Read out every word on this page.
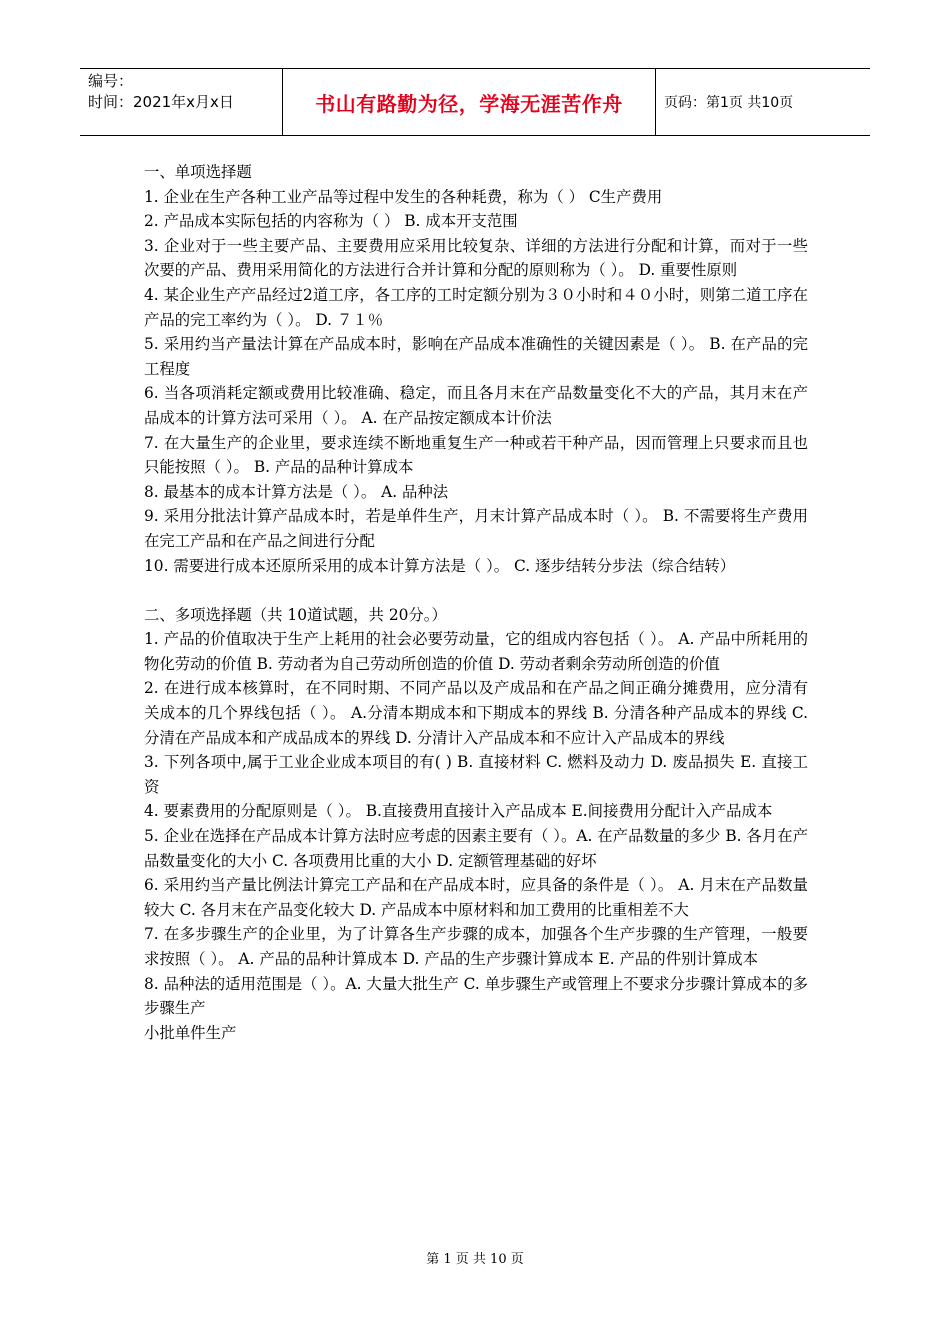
编号：
时间：2021年x月x日	书山有路勤为径，学海无涯苦作舟	页码：第1页 共10页

一、单项选择题

1. 企业在生产各种工业产品等过程中发生的各种耗费，称为（ ） C生产费用

2. 产品成本实际包括的内容称为（ ） B. 成本开支范围

3. 企业对于一些主要产品、主要费用应采用比较复杂、详细的方法进行分配和计算，而对于一些次要的产品、费用采用简化的方法进行合并计算和分配的原则称为（ ）。 D. 重要性原则

4. 某企业生产产品经过2道工序，各工序的工时定额分别为３０小时和４０小时，则第二道工序在产品的完工率约为（ ）。 D. ７１％

5. 采用约当产量法计算在产品成本时，影响在产品成本准确性的关键因素是（ ）。 B. 在产品的完工程度

6. 当各项消耗定额或费用比较准确、稳定，而且各月末在产品数量变化不大的产品，其月末在产品成本的计算方法可采用（ ）。 A. 在产品按定额成本计价法

7. 在大量生产的企业里，要求连续不断地重复生产一种或若干种产品，因而管理上只要求而且也只能按照（ ）。 B. 产品的品种计算成本

8. 最基本的成本计算方法是（ ）。 A. 品种法

9. 采用分批法计算产品成本时，若是单件生产，月末计算产品成本时（ ）。 B. 不需要将生产费用在完工产品和在产品之间进行分配

10. 需要进行成本还原所采用的成本计算方法是（ ）。 C. 逐步结转分步法（综合结转）

二、多项选择题（共 10道试题，共 20分。）

1. 产品的价值取决于生产上耗用的社会必要劳动量，它的组成内容包括（ ）。 A. 产品中所耗用的物化劳动的价值 B. 劳动者为自己劳动所创造的价值 D. 劳动者剩余劳动所创造的价值

2. 在进行成本核算时，在不同时期、不同产品以及产成品和在产品之间正确分摊费用，应分清有关成本的几个界线包括（ ）。 A.分清本期成本和下期成本的界线 B. 分清各种产品成本的界线 C. 分清在产品成本和产成品成本的界线 D. 分清计入产品成本和不应计入产品成本的界线

3. 下列各项中,属于工业企业成本项目的有( ) B. 直接材料 C. 燃料及动力 D. 废品损失 E. 直接工资

4. 要素费用的分配原则是（ ）。 B.直接费用直接计入产品成本 E.间接费用分配计入产品成本

5. 企业在选择在产品成本计算方法时应考虑的因素主要有（ ）。A. 在产品数量的多少 B. 各月在产品数量变化的大小 C. 各项费用比重的大小 D. 定额管理基础的好坏

6. 采用约当产量比例法计算完工产品和在产品成本时，应具备的条件是（ ）。 A. 月末在产品数量较大 C. 各月末在产品变化较大 D. 产品成本中原材料和加工费用的比重相差不大

7. 在多步骤生产的企业里，为了计算各生产步骤的成本，加强各个生产步骤的生产管理，一般要求按照（ ）。 A. 产品的品种计算成本 D. 产品的生产步骤计算成本 E. 产品的件别计算成本

8. 品种法的适用范围是（ ）。A. 大量大批生产 C. 单步骤生产或管理上不要求分步骤计算成本的多步骤生产

小批单件生产

第 1 页 共 10 页
